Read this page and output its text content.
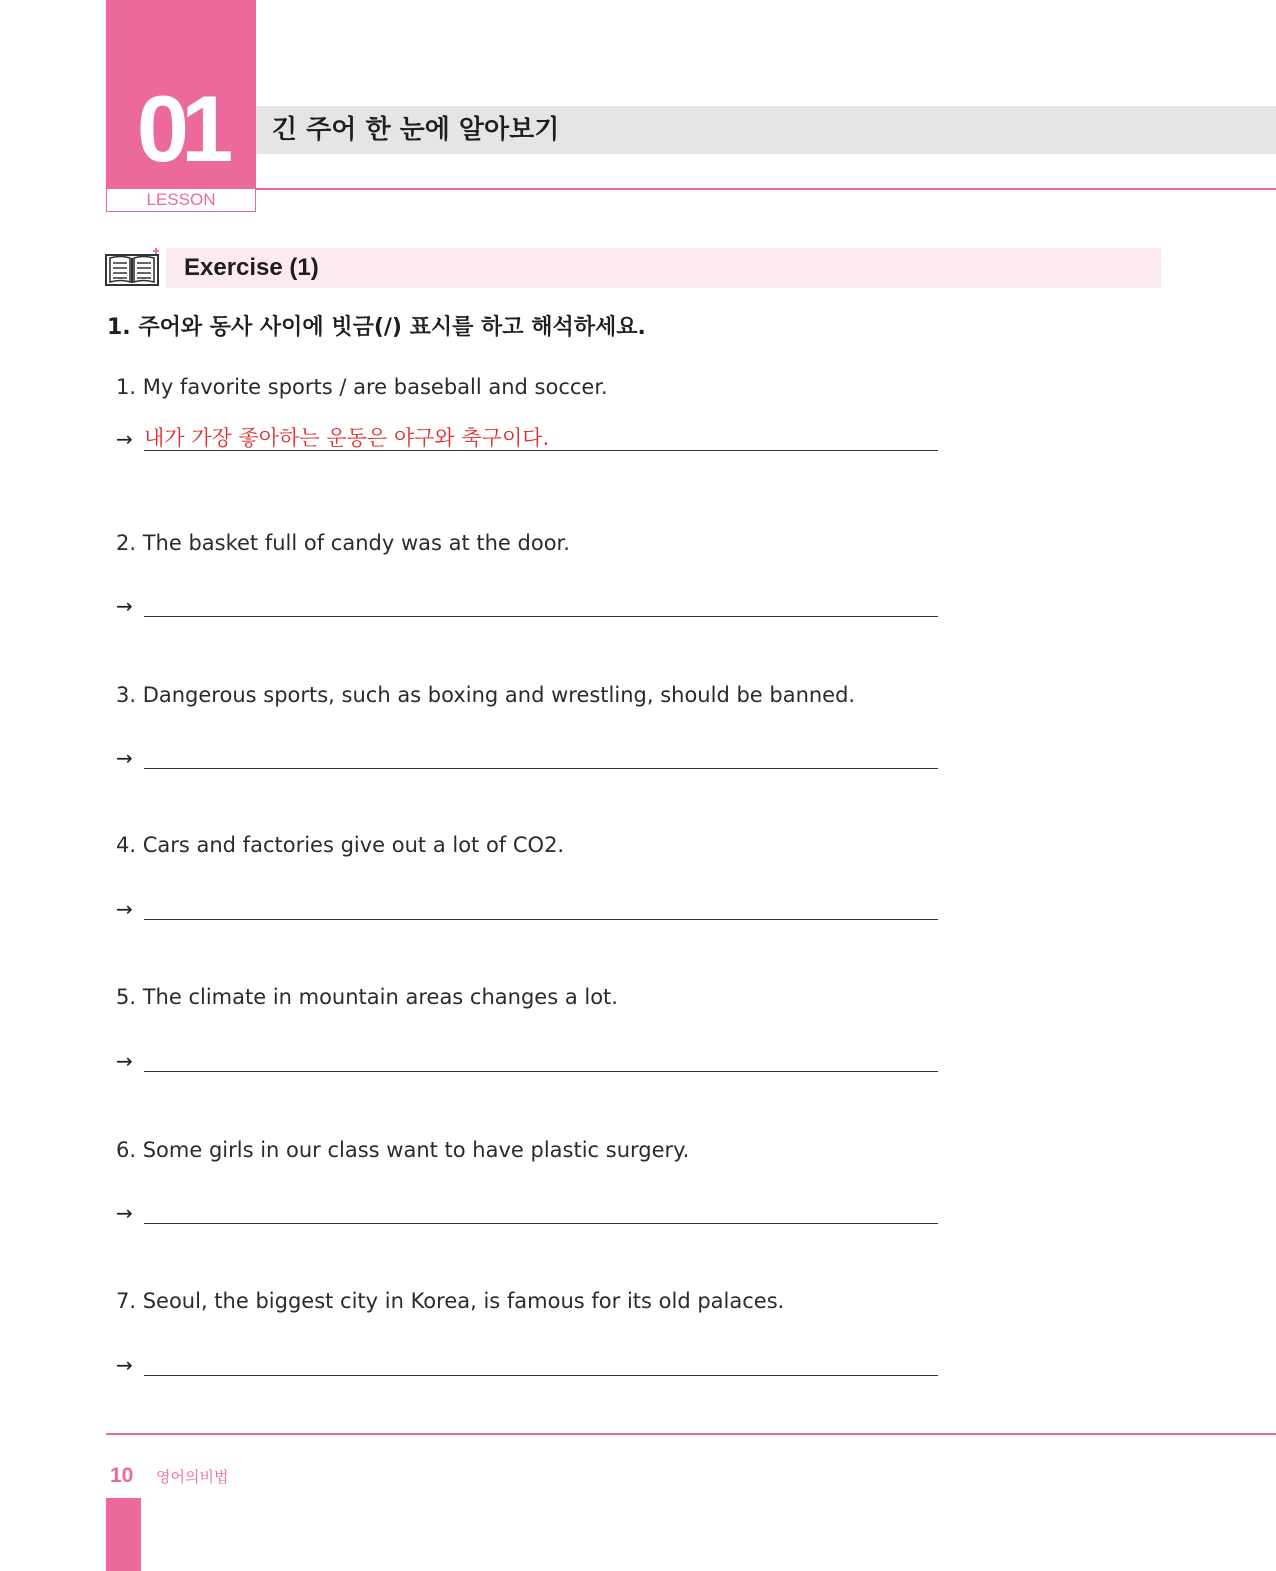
01
LESSON
긴 주어 한 눈에 알아보기
Exercise (1)
1. 주어와 동사 사이에 빗금(/) 표시를 하고 해석하세요.
1. My favorite sports / are baseball and soccer.
→ 내가 가장 좋아하는 운동은 야구와 축구이다.
2. The basket full of candy was at the door.
→
3. Dangerous sports, such as boxing and wrestling, should be banned.
→
4. Cars and factories give out a lot of CO2.
→
5. The climate in mountain areas changes a lot.
→
6. Some girls in our class want to have plastic surgery.
→
7. Seoul, the biggest city in Korea, is famous for its old palaces.
→
10 영어의비법
